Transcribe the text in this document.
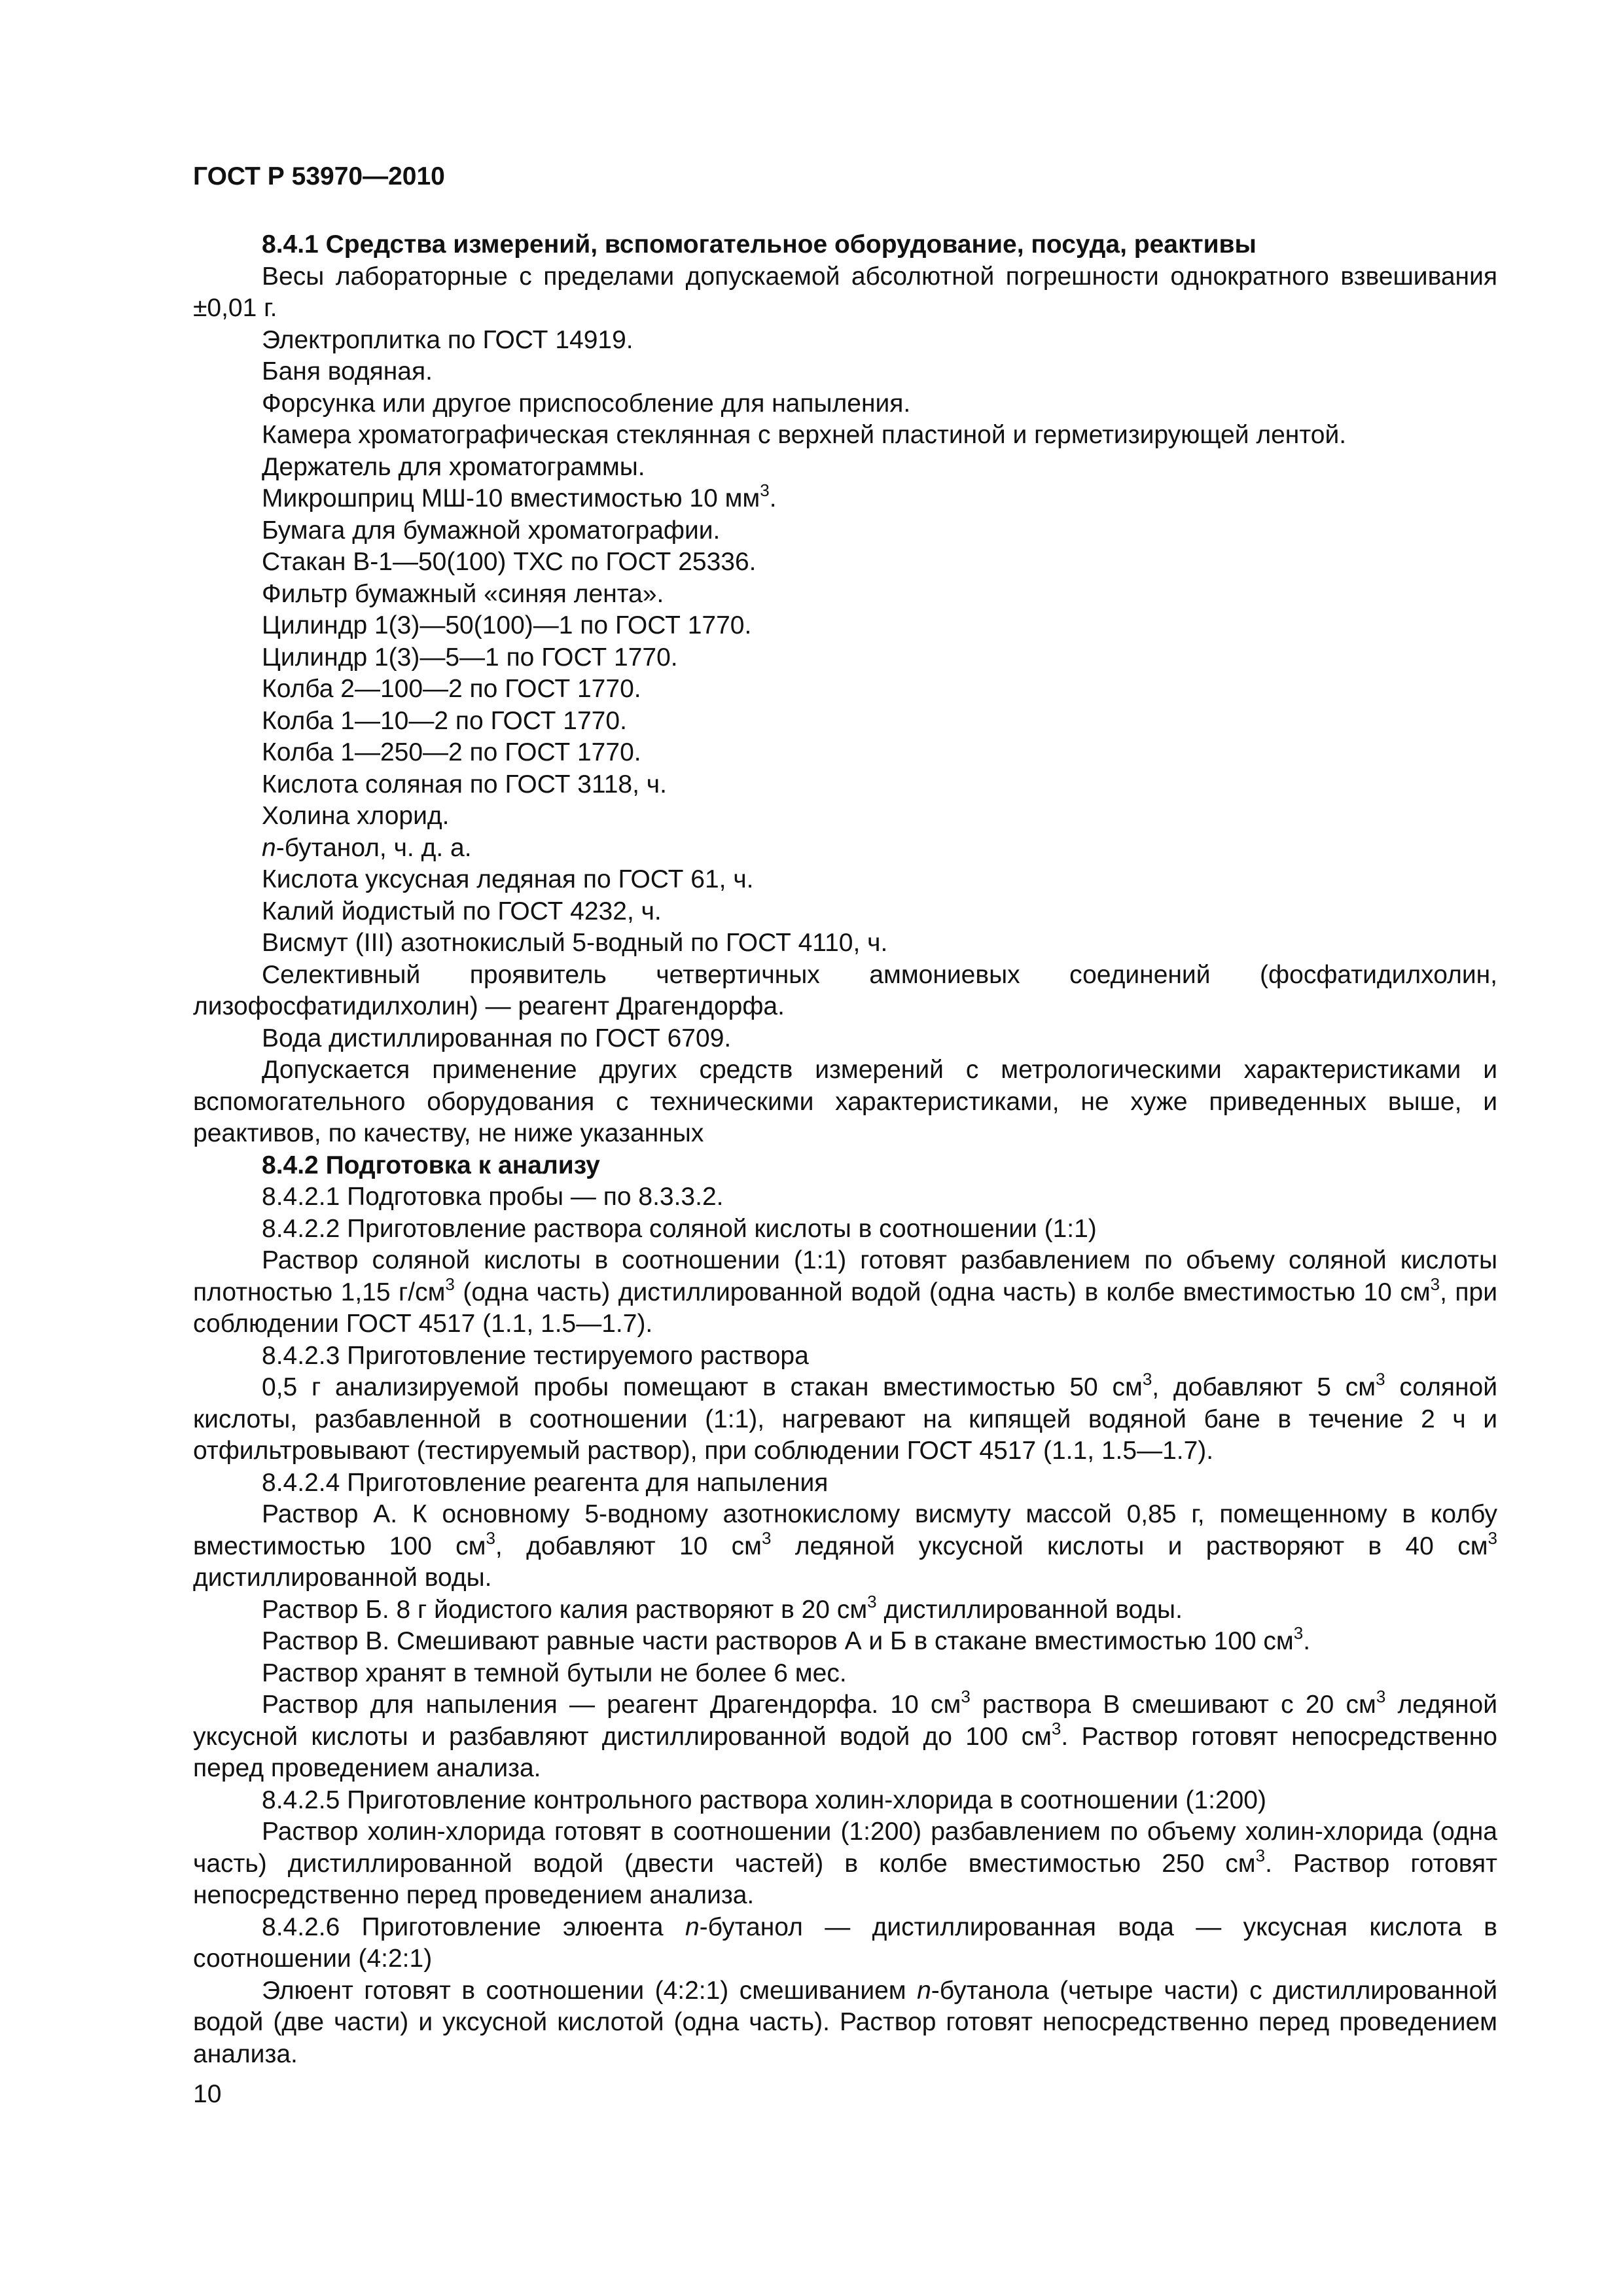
ГОСТ Р 53970—2010

8.4.1 Средства измерений, вспомогательное оборудование, посуда, реактивы

Весы лабораторные с пределами допускаемой абсолютной погрешности однократного взвешивания ±0,01 г.

Электроплитка по ГОСТ 14919.

Баня водяная.

Форсунка или другое приспособление для напыления.

Камера хроматографическая стеклянная с верхней пластиной и герметизирующей лентой.

Держатель для хроматограммы.

Микрошприц МШ-10 вместимостью 10 $мм^3$.

Бумага для бумажной хроматографии.

Стакан В-1—50(100) ТХС по ГОСТ 25336.

Фильтр бумажный «синяя лента».

Цилиндр 1(3)—50(100)—1 по ГОСТ 1770.

Цилиндр 1(3)—5—1 по ГОСТ 1770.

Колба 2—100—2 по ГОСТ 1770.

Колба 1—10—2 по ГОСТ 1770.

Колба 1—250—2 по ГОСТ 1770.

Кислота соляная по ГОСТ 3118, ч.

Холина хлорид.

n-бутанол, ч. д. а.

Кислота уксусная ледяная по ГОСТ 61, ч.

Калий йодистый по ГОСТ 4232, ч.

Висмут (III) азотнокислый 5-водный по ГОСТ 4110, ч.

Селективный проявитель четвертичных аммониевых соединений (фосфатидилхолин, лизофосфатидилхолин) — реагент Драгендорфа.

Вода дистиллированная по ГОСТ 6709.

Допускается применение других средств измерений с метрологическими характеристиками и вспомогательного оборудования с техническими характеристиками, не хуже приведенных выше, и реактивов, по качеству, не ниже указанных

8.4.2 Подготовка к анализу

8.4.2.1 Подготовка пробы — по 8.3.3.2.

8.4.2.2 Приготовление раствора соляной кислоты в соотношении (1:1)

Раствор соляной кислоты в соотношении (1:1) готовят разбавлением по объему соляной кислоты плотностью 1,15 $г/см^3$ (одна часть) дистиллированной водой (одна часть) в колбе вместимостью 10 $см^3$, при соблюдении ГОСТ 4517 (1.1, 1.5—1.7).

8.4.2.3 Приготовление тестируемого раствора

0,5 г анализируемой пробы помещают в стакан вместимостью 50 $см^3$, добавляют 5 $см^3$ соляной кислоты, разбавленной в соотношении (1:1), нагревают на кипящей водяной бане в течение 2 ч и отфильтровывают (тестируемый раствор), при соблюдении ГОСТ 4517 (1.1, 1.5—1.7).

8.4.2.4 Приготовление реагента для напыления

Раствор А. К основному 5-водному азотнокислому висмуту массой 0,85 г, помещенному в колбу вместимостью 100 $см^3$, добавляют 10 $см^3$ ледяной уксусной кислоты и растворяют в 40 $см^3$ дистиллированной воды.

Раствор Б. 8 г йодистого калия растворяют в 20 $см^3$ дистиллированной воды.

Раствор В. Смешивают равные части растворов А и Б в стакане вместимостью 100 $см^3$.

Раствор хранят в темной бутыли не более 6 мес.

Раствор для напыления — реагент Драгендорфа. 10 $см^3$ раствора В смешивают с 20 $см^3$ ледяной уксусной кислоты и разбавляют дистиллированной водой до 100 $см^3$. Раствор готовят непосредственно перед проведением анализа.

8.4.2.5 Приготовление контрольного раствора холин-хлорида в соотношении (1:200)

Раствор холин-хлорида готовят в соотношении (1:200) разбавлением по объему холин-хлорида (одна часть) дистиллированной водой (двести частей) в колбе вместимостью 250 $см^3$. Раствор готовят непосредственно перед проведением анализа.

8.4.2.6 Приготовление элюента n-бутанол — дистиллированная вода — уксусная кислота в соотношении (4:2:1)

Элюент готовят в соотношении (4:2:1) смешиванием n-бутанола (четыре части) с дистиллированной водой (две части) и уксусной кислотой (одна часть). Раствор готовят непосредственно перед проведением анализа.

10
